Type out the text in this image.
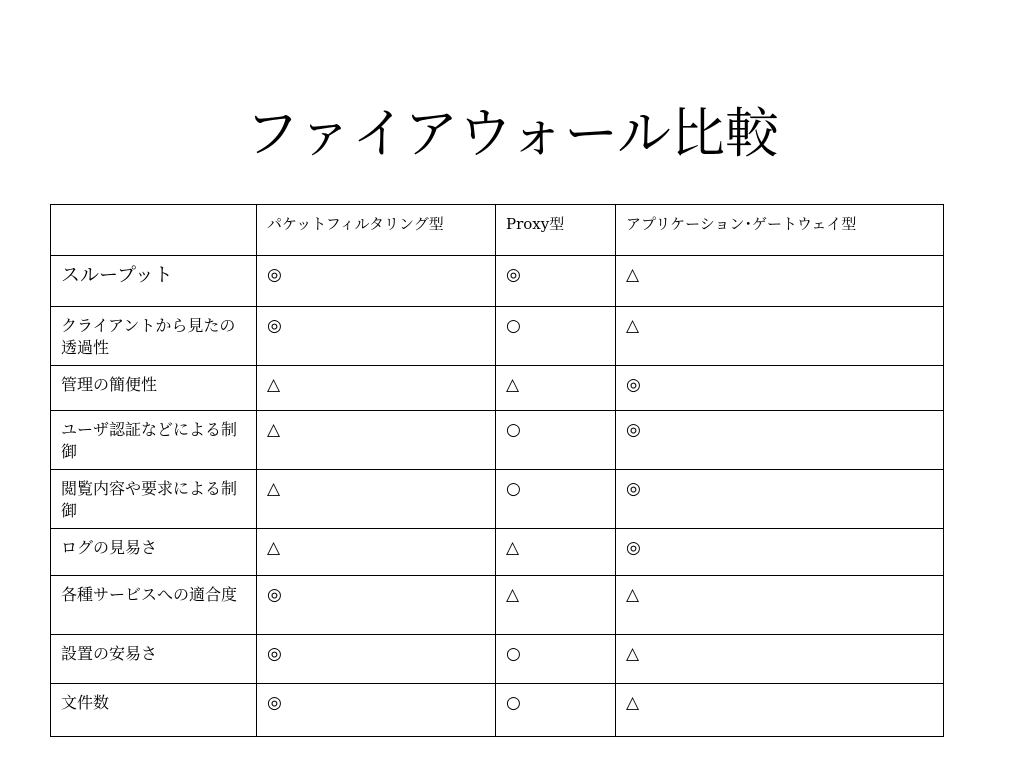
ファイアウォール比較
	パケットフィルタリング型	Proxy型	アプリケーション･ゲートウェイ型
スループット	◎	◎	△
クライアントから見たの透過性	◎	○	△
管理の簡便性	△	△	◎
ユーザ認証などによる制御	△	○	◎
閲覧内容や要求による制御	△	○	◎
ログの見易さ	△	△	◎
各種サービスへの適合度	◎	△	△
設置の安易さ	◎	○	△
文件数	◎	○	△
